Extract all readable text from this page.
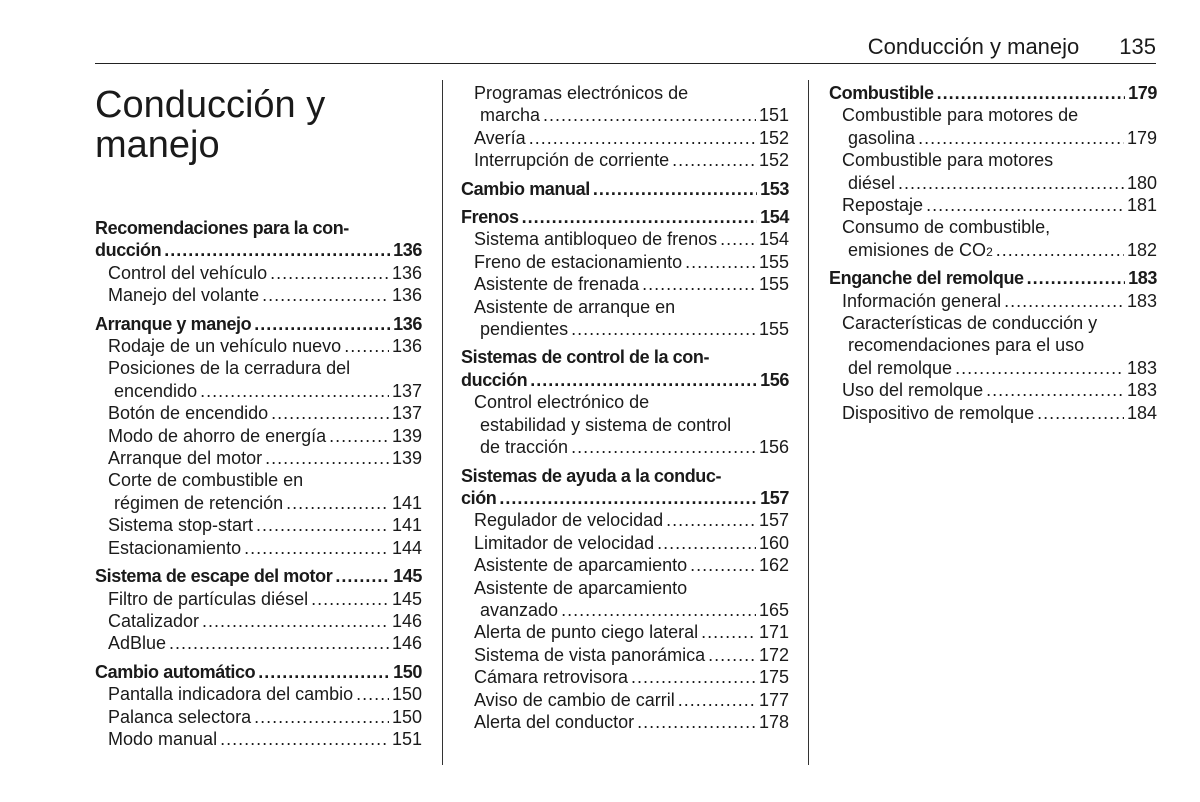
Conducción y manejo 135
Conducción y
manejo
Recomendaciones para la con-
ducción .....	136
Control del vehículo .....	136
Manejo del volante .....	136
Arranque y manejo .....	136
Rodaje de un vehículo nuevo .....	136
Posiciones de la cerradura del
encendido .....	137
Botón de encendido .....	137
Modo de ahorro de energía .....	139
Arranque del motor .....	139
Corte de combustible en
régimen de retención .....	141
Sistema stop-start .....	141
Estacionamiento .....	144
Sistema de escape del motor .....	145
Filtro de partículas diésel .....	145
Catalizador .....	146
AdBlue .....	146
Cambio automático .....	150
Pantalla indicadora del cambio ..... 150
Palanca selectora .....	150
Modo manual .....	151
Programas electrónicos de
marcha .....	151
Avería .....	152
Interrupción de corriente .....	152
Cambio manual .....	153
Frenos .....	154
Sistema antibloqueo de frenos ..... 154
Freno de estacionamiento .....	155
Asistente de frenada .....	155
Asistente de arranque en
pendientes .....	155
Sistemas de control de la con-
ducción .....	156
Control electrónico de
estabilidad y sistema de control
de tracción .....	156
Sistemas de ayuda a la conduc-
ción .....	157
Regulador de velocidad .....	157
Limitador de velocidad .....	160
Asistente de aparcamiento .....	162
Asistente de aparcamiento
avanzado .....	165
Alerta de punto ciego lateral .....	171
Sistema de vista panorámica .....	172
Cámara retrovisora .....	175
Aviso de cambio de carril .....	177
Alerta del conductor .....	178
Combustible .....	179
Combustible para motores de
gasolina .....	179
Combustible para motores
diésel .....	180
Repostaje .....	181
Consumo de combustible,
emisiones de CO 2 .....	182
Enganche del remolque .....	183
Información general .....	183
Características de conducción y
recomendaciones para el uso
del remolque .....	183
Uso del remolque .....	183
Dispositivo de remolque .....	184
